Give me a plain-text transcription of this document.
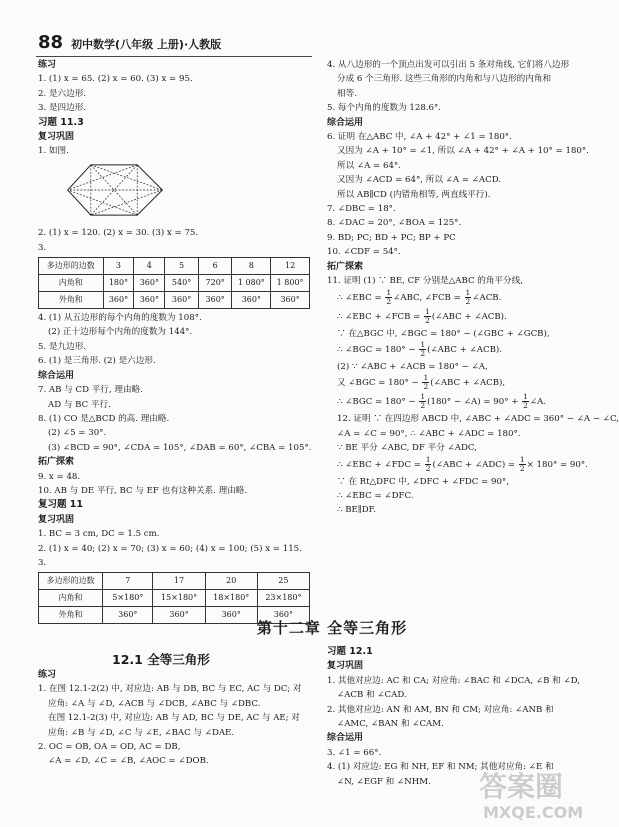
88 初中数学(八年级 上册)·人教版
练习
1. (1) x = 65. (2) x = 60. (3) x = 95.
2. 是六边形.
3. 是四边形.
习题 11.3
复习巩固
1. 如图.
2. (1) x = 120. (2) x = 30. (3) x = 75.
3.
多边形的边数	3	4	5	6	8	12
内角和	180°	360°	540°	720°	1 080°	1 800°
外角和	360°	360°	360°	360°	360°	360°
4. (1) 从五边形的每个内角的度数为 108°.
(2) 正十边形每个内角的度数为 144°.
5. 是九边形.
6. (1) 是三角形. (2) 是六边形.
综合运用
7. AB 与 CD 平行, 理由略.
AD 与 BC 平行.
8. (1) CO 是△BCD 的高. 理由略.
(2) ∠5 = 30°.
(3) ∠BCD = 90°, ∠CDA = 105°, ∠DAB = 60°, ∠CBA = 105°.
拓广探索
9. x = 48.
10. AB 与 DE 平行, BC 与 EF 也有这种关系. 理由略.
复习题 11
复习巩固
1. BC = 3 cm, DC = 1.5 cm.
2. (1) x = 40; (2) x = 70; (3) x = 60; (4) x = 100; (5) x = 115.
3.
多边形的边数	7	17	20	25
内角和	5×180°	15×180°	18×180°	23×180°
外角和	360°	360°	360°	360°
4. 从八边形的一个顶点出发可以引出 5 条对角线, 它们将八边形
分成 6 个三角形. 这些三角形的内角和与八边形的内角和
相等.
5. 每个内角的度数为 128.6°.
综合运用
6. 证明 在△ABC 中, ∠A + 42° + ∠1 = 180°.
又因为 ∠A + 10° = ∠1, 所以 ∠A + 42° + ∠A + 10° = 180°.
所以 ∠A = 64°.
又因为 ∠ACD = 64°, 所以 ∠A = ∠ACD.
所以 AB∥CD (内错角相等, 两直线平行).
7. ∠DBC = 18°.
8. ∠DAC = 20°, ∠BOA = 125°.
9. BD; PC; BD + PC; BP + PC
10. ∠CDF = 54°.
拓广探索
11. 证明 (1) ∵ BE, CF 分别是△ABC 的角平分线,
∴ ∠EBC = $\frac{1}{2}$ ∠ABC, ∠FCB = $\frac{1}{2}$ ∠ACB.
∴ ∠EBC + ∠FCB = $\frac{1}{2}$ (∠ABC + ∠ACB).
∵ 在△BGC 中, ∠BGC = 180° − (∠GBC + ∠GCB),
∴ ∠BGC = $180^\circ - \frac{1}{2}$ (∠ABC + ∠ACB).
(2) ∵ ∠ABC + ∠ACB = 180° − ∠A,
又 ∠BGC = $180^\circ - \frac{1}{2}$ (∠ABC + ∠ACB),
∴ ∠BGC = $180^\circ - \frac{1}{2} (180^\circ$ − ∠A) = $90^\circ + \frac{1}{2}$ ∠A.
12. 证明 ∵ 在四边形 ABCD 中, ∠ABC + ∠ADC = 360° − ∠A − ∠C,
∠A = ∠C = 90°, ∴ ∠ABC + ∠ADC = 180°.
∵ BE 平分 ∠ABC, DF 平分 ∠ADC,
∴ ∠EBC + ∠FDC = $\frac{1}{2}$ (∠ABC + ∠ADC) = $\frac{1}{2} \times 180^\circ = 90^\circ$.
∵ 在 Rt△DFC 中, ∠DFC + ∠FDC = 90°,
∴ ∠EBC = ∠DFC.
∴ BE∥DF.
第十二章 全等三角形
12.1 全等三角形
练习
1. 在图 12.1-2(2) 中, 对应边: AB 与 DB, BC 与 EC, AC 与 DC; 对
应角: ∠A 与 ∠D, ∠ACB 与 ∠DCB, ∠ABC 与 ∠DBC.
在图 12.1-2(3) 中, 对应边: AB 与 AD, BC 与 DE, AC 与 AE; 对
应角: ∠B 与 ∠D, ∠C 与 ∠E, ∠BAC 与 ∠DAE.
2. OC = OB, OA = OD, AC = DB,
∠A = ∠D, ∠C = ∠B, ∠AOC = ∠DOB.
习题 12.1
复习巩固
1. 其他对应边: AC 和 CA; 对应角: ∠BAC 和 ∠DCA, ∠B 和 ∠D,
∠ACB 和 ∠CAD.
2. 其他对应边: AN 和 AM, BN 和 CM; 对应角: ∠ANB 和
∠AMC, ∠BAN 和 ∠CAM.
综合运用
3. ∠1 = 66°.
4. (1) 对应边: EG 和 NH, EF 和 NM; 其他对应角: ∠E 和
∠N, ∠EGF 和 ∠NHM.	答案圈
MXQE.COM
